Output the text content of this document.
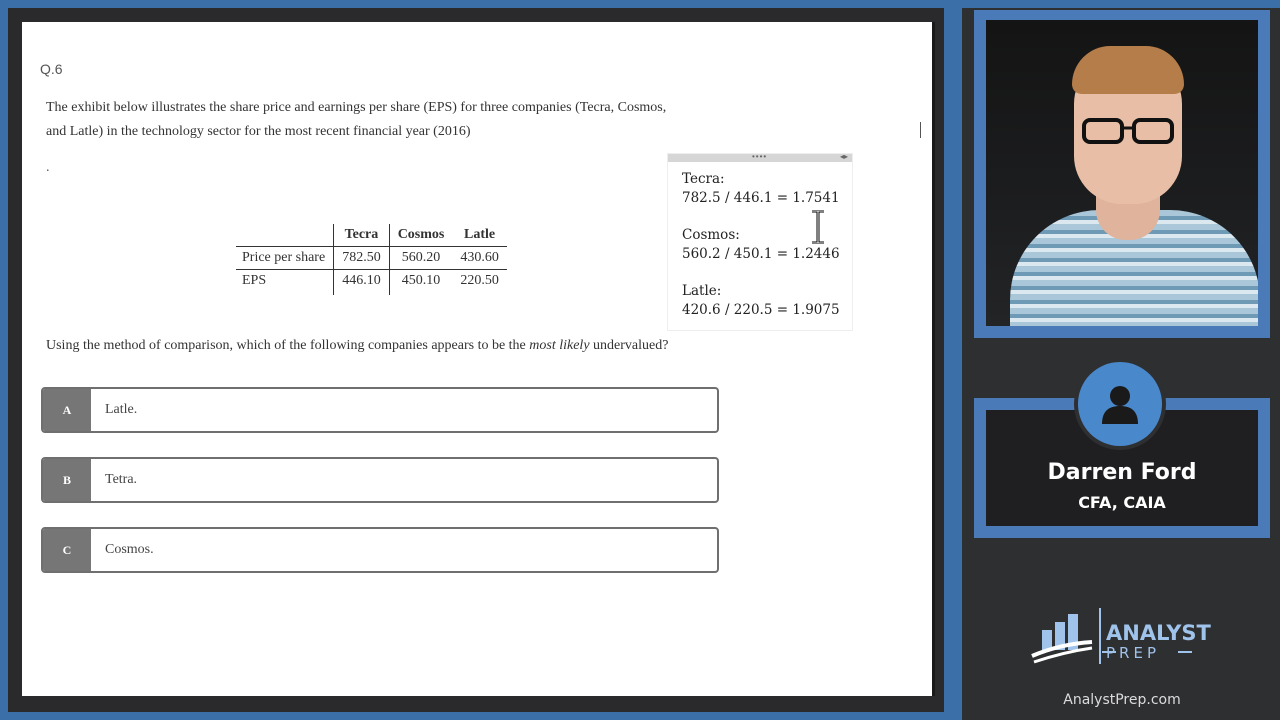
Q.6
The exhibit below illustrates the share price and earnings per share (EPS) for three companies (Tecra, Cosmos,
and Latle) in the technology sector for the most recent financial year (2016)
.
	Tecra	Cosmos	Latle
Price per share	782.50	560.20	430.60
EPS	446.10	450.10	220.50
••••	◂▸

Tecra:
782.5 / 446.1 = 1.7541

Cosmos:
560.2 / 450.1 = 1.2446

Latle:
420.6 / 220.5 = 1.9075

Using the method of comparison, which of the following companies appears to be the most likely undervalued?
A	Latle.
B	Tetra.
C	Cosmos.
Darren Ford
CFA, CAIA
ANALYST
PREP
AnalystPrep.com
